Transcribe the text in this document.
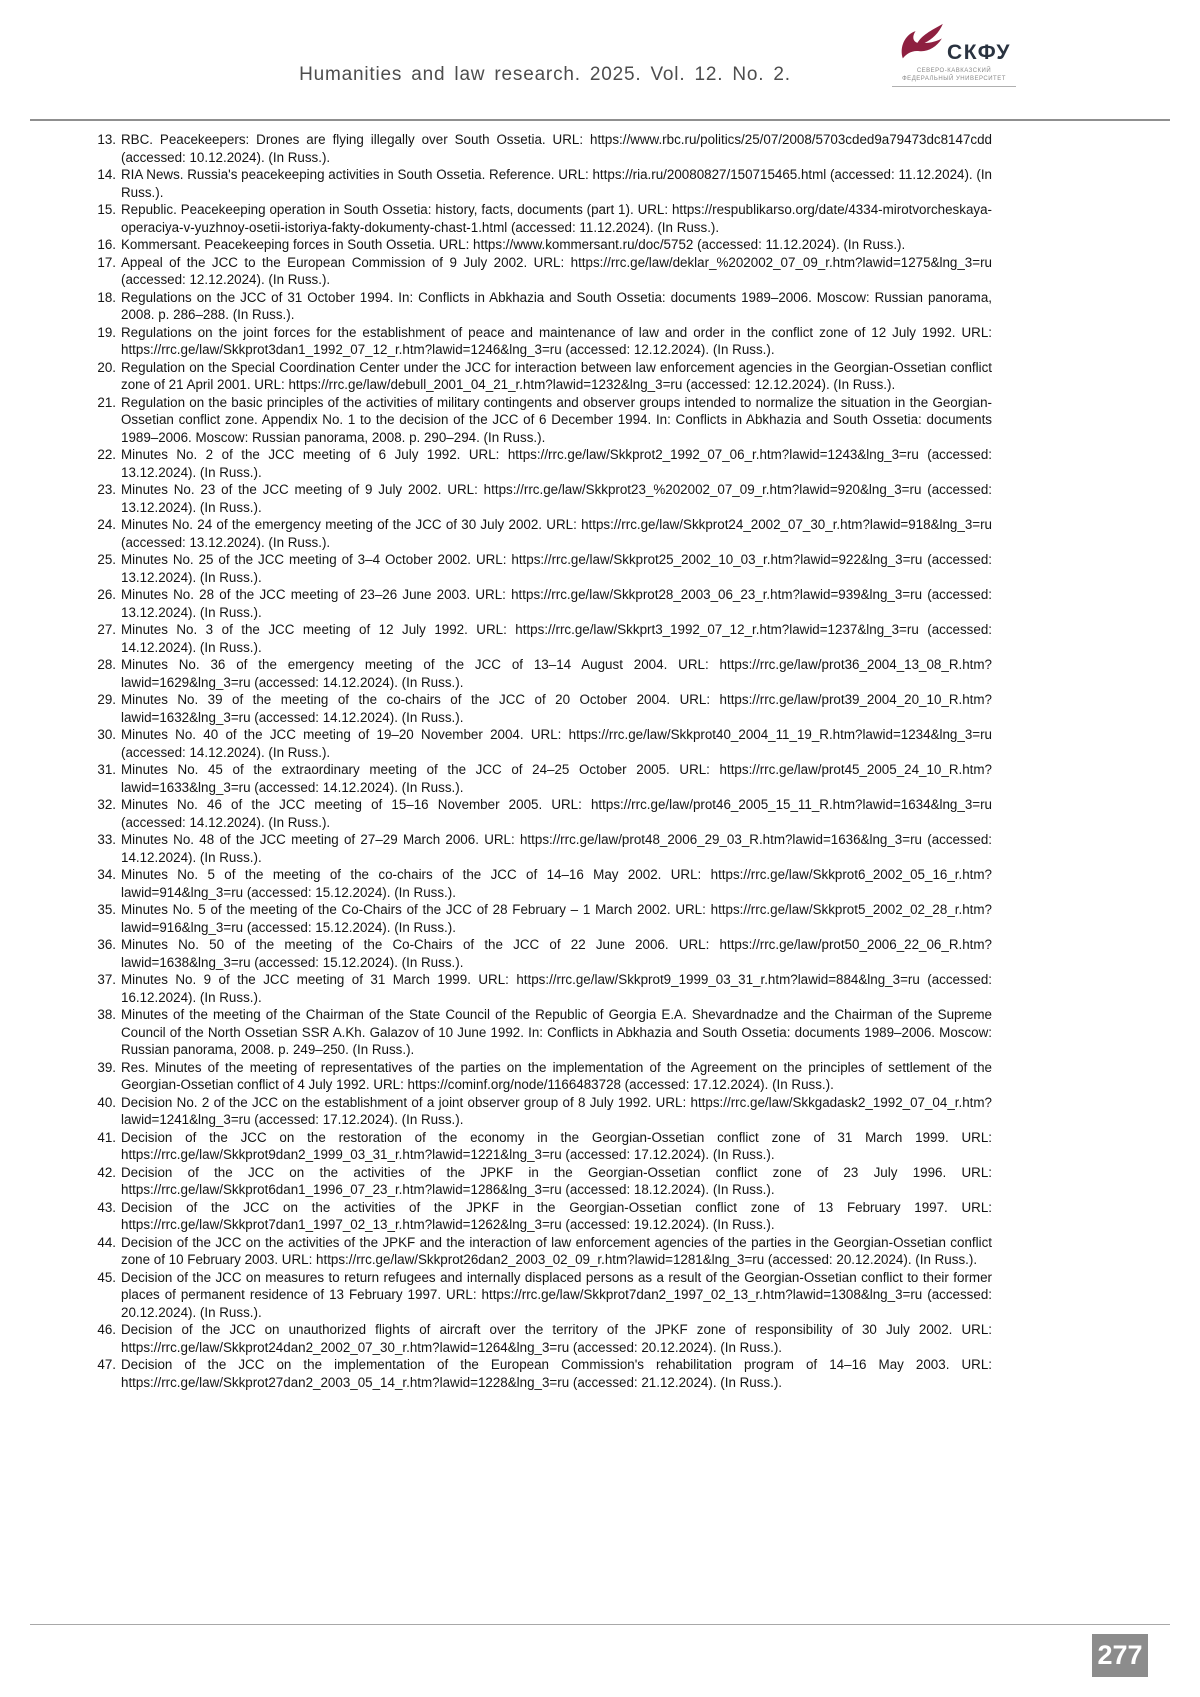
Humanities and law research. 2025. Vol. 12. No. 2.
СКФУ
СЕВЕРО-КАВКАЗСКИЙ
ФЕДЕРАЛЬНЫЙ УНИВЕРСИТЕТ
13. RBC. Peacekeepers: Drones are flying illegally over South Ossetia. URL: https://www.rbc.ru/politics/25/07/2008/5703cded9a79473dc8147cdd (accessed: 10.12.2024). (In Russ.).
14. RIA News. Russia's peacekeeping activities in South Ossetia. Reference. URL: https://ria.ru/20080827/150715465.html (accessed: 11.12.2024). (In Russ.).
15. Republic. Peacekeeping operation in South Ossetia: history, facts, documents (part 1). URL: https://respublikarso.org/date/4334-mirotvorcheskaya-operaciya-v-yuzhnoy-osetii-istoriya-fakty-dokumenty-chast-1.html (accessed: 11.12.2024). (In Russ.).
16. Kommersant. Peacekeeping forces in South Ossetia. URL: https://www.kommersant.ru/doc/5752 (accessed: 11.12.2024). (In Russ.).
17. Appeal of the JCC to the European Commission of 9 July 2002. URL: https://rrc.ge/law/deklar_%202002_07_09_r.htm?lawid=1275&lng_3=ru (accessed: 12.12.2024). (In Russ.).
18. Regulations on the JCC of 31 October 1994. In: Conflicts in Abkhazia and South Ossetia: documents 1989–2006. Moscow: Russian panorama, 2008. p. 286–288. (In Russ.).
19. Regulations on the joint forces for the establishment of peace and maintenance of law and order in the conflict zone of 12 July 1992. URL: https://rrc.ge/law/Skkprot3dan1_1992_07_12_r.htm?lawid=1246&lng_3=ru (accessed: 12.12.2024). (In Russ.).
20. Regulation on the Special Coordination Center under the JCC for interaction between law enforcement agencies in the Georgian-Ossetian conflict zone of 21 April 2001. URL: https://rrc.ge/law/debull_2001_04_21_r.htm?lawid=1232&lng_3=ru (accessed: 12.12.2024). (In Russ.).
21. Regulation on the basic principles of the activities of military contingents and observer groups intended to normalize the situation in the Georgian-Ossetian conflict zone. Appendix No. 1 to the decision of the JCC of 6 December 1994. In: Conflicts in Abkhazia and South Ossetia: documents 1989–2006. Moscow: Russian panorama, 2008. p. 290–294. (In Russ.).
22. Minutes No. 2 of the JCC meeting of 6 July 1992. URL: https://rrc.ge/law/Skkprot2_1992_07_06_r.htm?lawid=1243&lng_3=ru (accessed: 13.12.2024). (In Russ.).
23. Minutes No. 23 of the JCC meeting of 9 July 2002. URL: https://rrc.ge/law/Skkprot23_%202002_07_09_r.htm?lawid=920&lng_3=ru (accessed: 13.12.2024). (In Russ.).
24. Minutes No. 24 of the emergency meeting of the JCC of 30 July 2002. URL: https://rrc.ge/law/Skkprot24_2002_07_30_r.htm?lawid=918&lng_3=ru (accessed: 13.12.2024). (In Russ.).
25. Minutes No. 25 of the JCC meeting of 3–4 October 2002. URL: https://rrc.ge/law/Skkprot25_2002_10_03_r.htm?lawid=922&lng_3=ru (accessed: 13.12.2024). (In Russ.).
26. Minutes No. 28 of the JCC meeting of 23–26 June 2003. URL: https://rrc.ge/law/Skkprot28_2003_06_23_r.htm?lawid=939&lng_3=ru (accessed: 13.12.2024). (In Russ.).
27. Minutes No. 3 of the JCC meeting of 12 July 1992. URL: https://rrc.ge/law/Skkprt3_1992_07_12_r.htm?lawid=1237&lng_3=ru (accessed: 14.12.2024). (In Russ.).
28. Minutes No. 36 of the emergency meeting of the JCC of 13–14 August 2004. URL: https://rrc.ge/law/prot36_2004_13_08_R.htm?lawid=1629&lng_3=ru (accessed: 14.12.2024). (In Russ.).
29. Minutes No. 39 of the meeting of the co-chairs of the JCC of 20 October 2004. URL: https://rrc.ge/law/prot39_2004_20_10_R.htm?lawid=1632&lng_3=ru (accessed: 14.12.2024). (In Russ.).
30. Minutes No. 40 of the JCC meeting of 19–20 November 2004. URL: https://rrc.ge/law/Skkprot40_2004_11_19_R.htm?lawid=1234&lng_3=ru (accessed: 14.12.2024). (In Russ.).
31. Minutes No. 45 of the extraordinary meeting of the JCC of 24–25 October 2005. URL: https://rrc.ge/law/prot45_2005_24_10_R.htm?lawid=1633&lng_3=ru (accessed: 14.12.2024). (In Russ.).
32. Minutes No. 46 of the JCC meeting of 15–16 November 2005. URL: https://rrc.ge/law/prot46_2005_15_11_R.htm?lawid=1634&lng_3=ru (accessed: 14.12.2024). (In Russ.).
33. Minutes No. 48 of the JCC meeting of 27–29 March 2006. URL: https://rrc.ge/law/prot48_2006_29_03_R.htm?lawid=1636&lng_3=ru (accessed: 14.12.2024). (In Russ.).
34. Minutes No. 5 of the meeting of the co-chairs of the JCC of 14–16 May 2002. URL: https://rrc.ge/law/Skkprot6_2002_05_16_r.htm?lawid=914&lng_3=ru (accessed: 15.12.2024). (In Russ.).
35. Minutes No. 5 of the meeting of the Co-Chairs of the JCC of 28 February – 1 March 2002. URL: https://rrc.ge/law/Skkprot5_2002_02_28_r.htm?lawid=916&lng_3=ru (accessed: 15.12.2024). (In Russ.).
36. Minutes No. 50 of the meeting of the Co-Chairs of the JCC of 22 June 2006. URL: https://rrc.ge/law/prot50_2006_22_06_R.htm?lawid=1638&lng_3=ru (accessed: 15.12.2024). (In Russ.).
37. Minutes No. 9 of the JCC meeting of 31 March 1999. URL: https://rrc.ge/law/Skkprot9_1999_03_31_r.htm?lawid=884&lng_3=ru (accessed: 16.12.2024). (In Russ.).
38. Minutes of the meeting of the Chairman of the State Council of the Republic of Georgia E.A. Shevardnadze and the Chairman of the Supreme Council of the North Ossetian SSR A.Kh. Galazov of 10 June 1992. In: Conflicts in Abkhazia and South Ossetia: documents 1989–2006. Moscow: Russian panorama, 2008. p. 249–250. (In Russ.).
39. Res. Minutes of the meeting of representatives of the parties on the implementation of the Agreement on the principles of settlement of the Georgian-Ossetian conflict of 4 July 1992. URL: https://cominf.org/node/1166483728 (accessed: 17.12.2024). (In Russ.).
40. Decision No. 2 of the JCC on the establishment of a joint observer group of 8 July 1992. URL: https://rrc.ge/law/Skkgadask2_1992_07_04_r.htm?lawid=1241&lng_3=ru (accessed: 17.12.2024). (In Russ.).
41. Decision of the JCC on the restoration of the economy in the Georgian-Ossetian conflict zone of 31 March 1999. URL: https://rrc.ge/law/Skkprot9dan2_1999_03_31_r.htm?lawid=1221&lng_3=ru (accessed: 17.12.2024). (In Russ.).
42. Decision of the JCC on the activities of the JPKF in the Georgian-Ossetian conflict zone of 23 July 1996. URL: https://rrc.ge/law/Skkprot6dan1_1996_07_23_r.htm?lawid=1286&lng_3=ru (accessed: 18.12.2024). (In Russ.).
43. Decision of the JCC on the activities of the JPKF in the Georgian-Ossetian conflict zone of 13 February 1997. URL: https://rrc.ge/law/Skkprot7dan1_1997_02_13_r.htm?lawid=1262&lng_3=ru (accessed: 19.12.2024). (In Russ.).
44. Decision of the JCC on the activities of the JPKF and the interaction of law enforcement agencies of the parties in the Georgian-Ossetian conflict zone of 10 February 2003. URL: https://rrc.ge/law/Skkprot26dan2_2003_02_09_r.htm?lawid=1281&lng_3=ru (accessed: 20.12.2024). (In Russ.).
45. Decision of the JCC on measures to return refugees and internally displaced persons as a result of the Georgian-Ossetian conflict to their former places of permanent residence of 13 February 1997. URL: https://rrc.ge/law/Skkprot7dan2_1997_02_13_r.htm?lawid=1308&lng_3=ru (accessed: 20.12.2024). (In Russ.).
46. Decision of the JCC on unauthorized flights of aircraft over the territory of the JPKF zone of responsibility of 30 July 2002. URL: https://rrc.ge/law/Skkprot24dan2_2002_07_30_r.htm?lawid=1264&lng_3=ru (accessed: 20.12.2024). (In Russ.).
47. Decision of the JCC on the implementation of the European Commission's rehabilitation program of 14–16 May 2003. URL: https://rrc.ge/law/Skkprot27dan2_2003_05_14_r.htm?lawid=1228&lng_3=ru (accessed: 21.12.2024). (In Russ.).
277
